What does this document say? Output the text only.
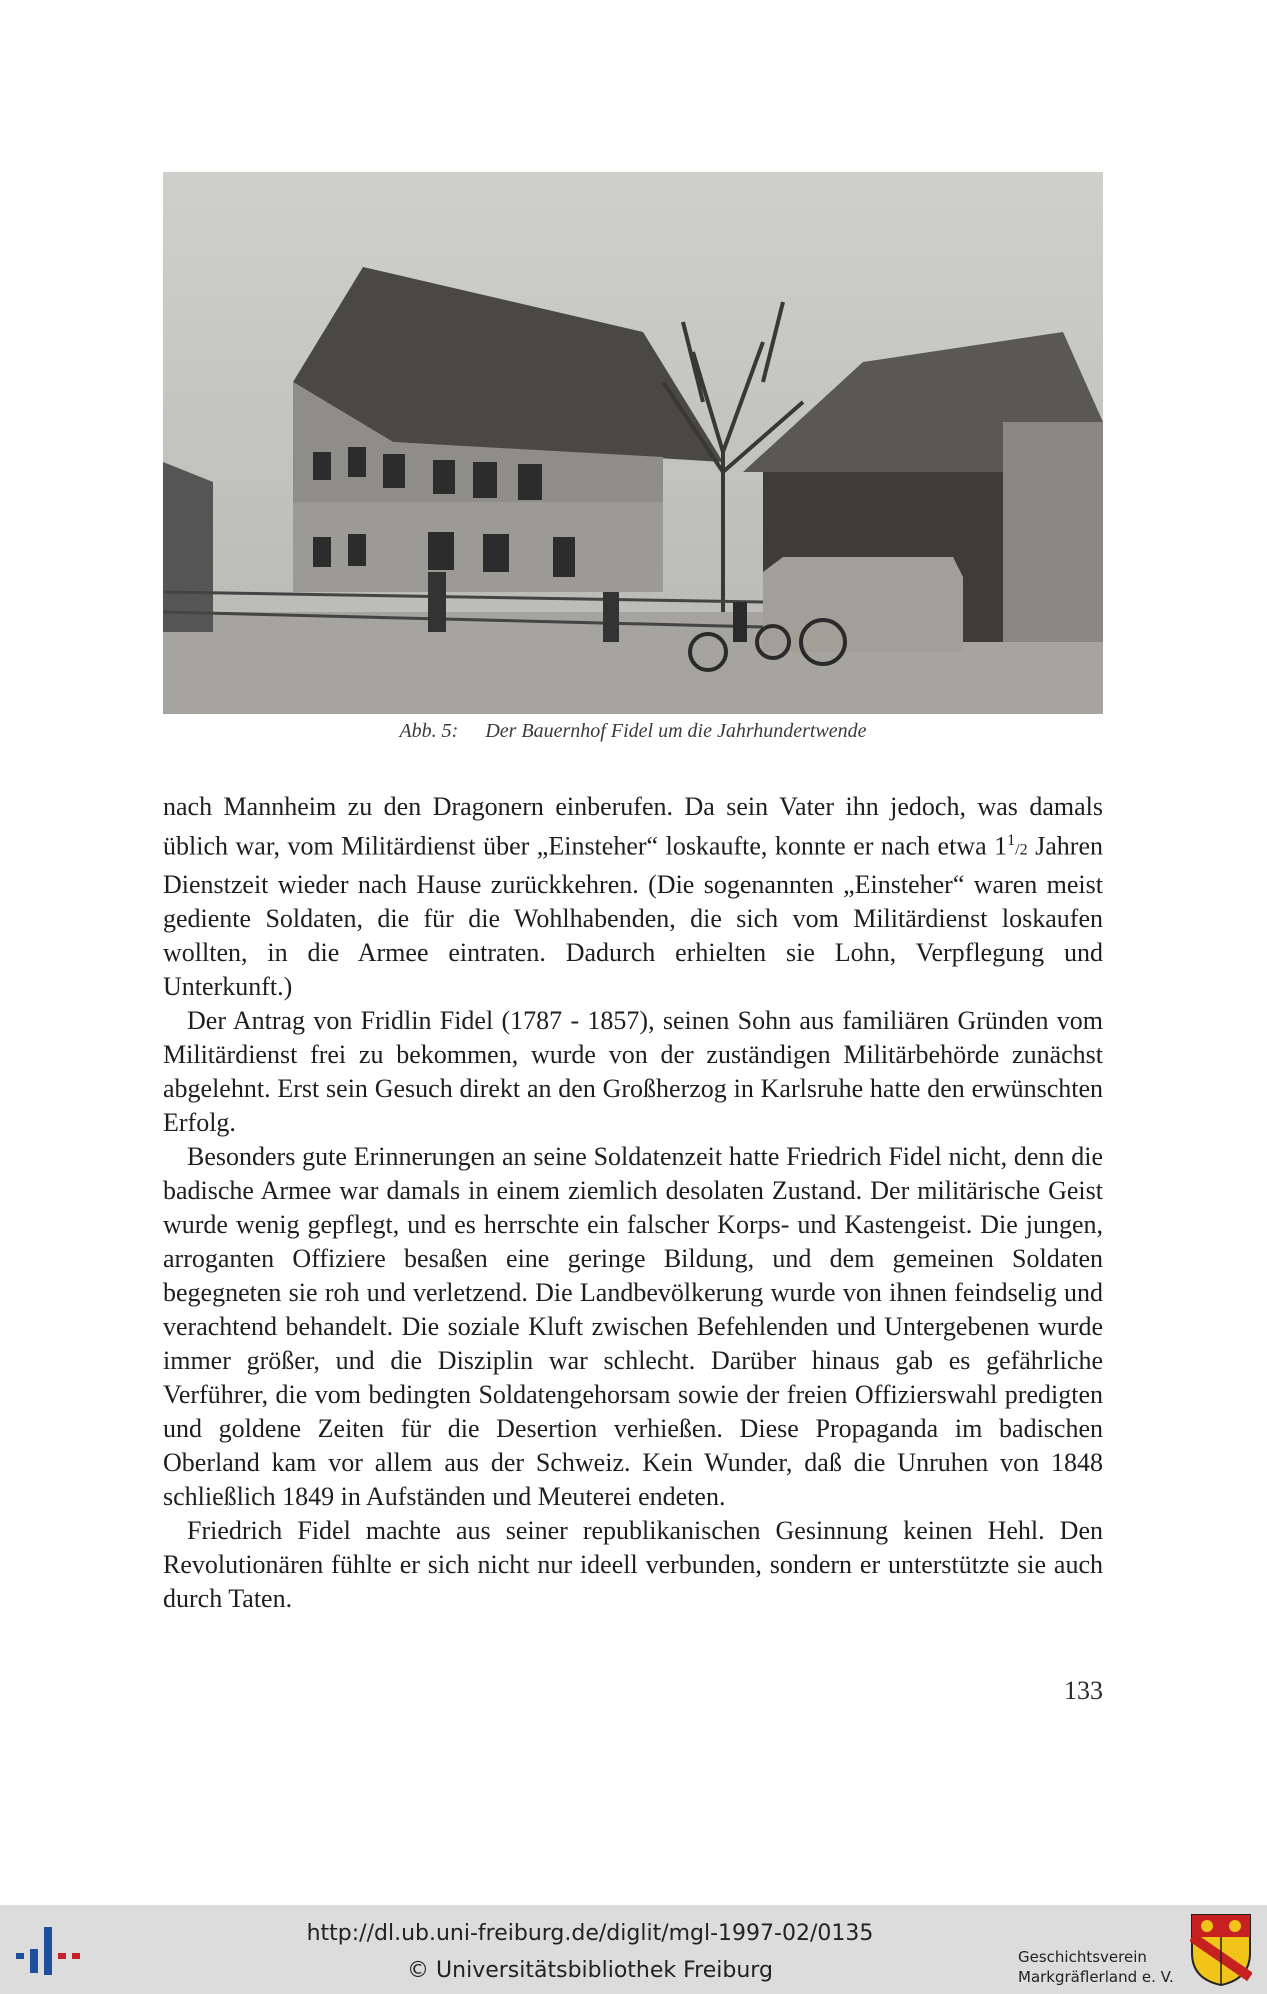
Abb. 5: Der Bauernhof Fidel um die Jahrhundertwende

nach Mannheim zu den Dragonern einberufen. Da sein Vater ihn jedoch, was damals üblich war, vom Militärdienst über „Einsteher“ loskaufte, konnte er nach etwa $1^1/2$ Jahren Dienstzeit wieder nach Hause zurückkehren. (Die sogenannten „Einsteher“ waren meist gediente Soldaten, die für die Wohlhabenden, die sich vom Militärdienst loskaufen wollten, in die Armee eintraten. Dadurch erhielten sie Lohn, Verpflegung und Unterkunft.)

Der Antrag von Fridlin Fidel (1787 - 1857), seinen Sohn aus familiären Gründen vom Militärdienst frei zu bekommen, wurde von der zuständigen Militärbehörde zunächst abgelehnt. Erst sein Gesuch direkt an den Großherzog in Karlsruhe hatte den erwünschten Erfolg.

Besonders gute Erinnerungen an seine Soldatenzeit hatte Friedrich Fidel nicht, denn die badische Armee war damals in einem ziemlich desolaten Zustand. Der militärische Geist wurde wenig gepflegt, und es herrschte ein falscher Korps- und Kastengeist. Die jungen, arroganten Offiziere besaßen eine geringe Bildung, und dem gemeinen Soldaten begegneten sie roh und verletzend. Die Landbevölkerung wurde von ihnen feindselig und verachtend behandelt. Die soziale Kluft zwischen Befehlenden und Untergebenen wurde immer größer, und die Disziplin war schlecht. Darüber hinaus gab es gefährliche Verführer, die vom bedingten Soldatengehorsam sowie der freien Offizierswahl predigten und goldene Zeiten für die Desertion verhießen. Diese Propaganda im badischen Oberland kam vor allem aus der Schweiz. Kein Wunder, daß die Unruhen von 1848 schließlich 1849 in Aufständen und Meuterei endeten.

Friedrich Fidel machte aus seiner republikanischen Gesinnung keinen Hehl. Den Revolutionären fühlte er sich nicht nur ideell verbunden, sondern er unterstützte sie auch durch Taten.

133
http://dl.ub.uni-freiburg.de/diglit/mgl-1997-02/0135
© Universitätsbibliothek Freiburg
Geschichtsverein
Markgräflerland e. V.
